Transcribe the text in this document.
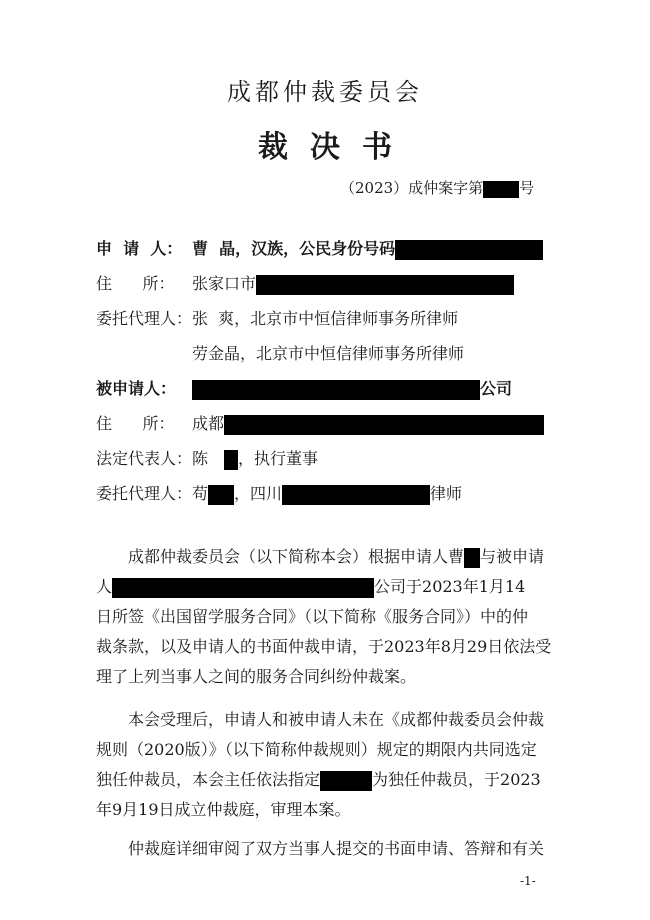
成都仲裁委员会
裁决书
（2023）成仲案字第 号
申  请  人： 曹  晶，汉族，公民身份号码
住      所： 张家口市
委托代理人：张  爽，北京市中恒信律师事务所律师
劳金晶，北京市中恒信律师事务所律师
被申请人：	公司
住      所： 成都
法定代表人：陈 ，执行董事
委托代理人：苟 ，四川	律师
成都仲裁委员会（以下简称本会）根据申请人曹 与被申请
人	公司于2023年1月14
日所签《出国留学服务合同》（以下简称《服务合同》）中的仲
裁条款，以及申请人的书面仲裁申请，于2023年8月29日依法受
理了上列当事人之间的服务合同纠纷仲裁案。
本会受理后，申请人和被申请人未在《成都仲裁委员会仲裁
规则（2020版）》（以下简称仲裁规则）规定的期限内共同选定
独任仲裁员，本会主任依法指定	为独任仲裁员，于2023
年9月19日成立仲裁庭，审理本案。
仲裁庭详细审阅了双方当事人提交的书面申请、答辩和有关
-1-
